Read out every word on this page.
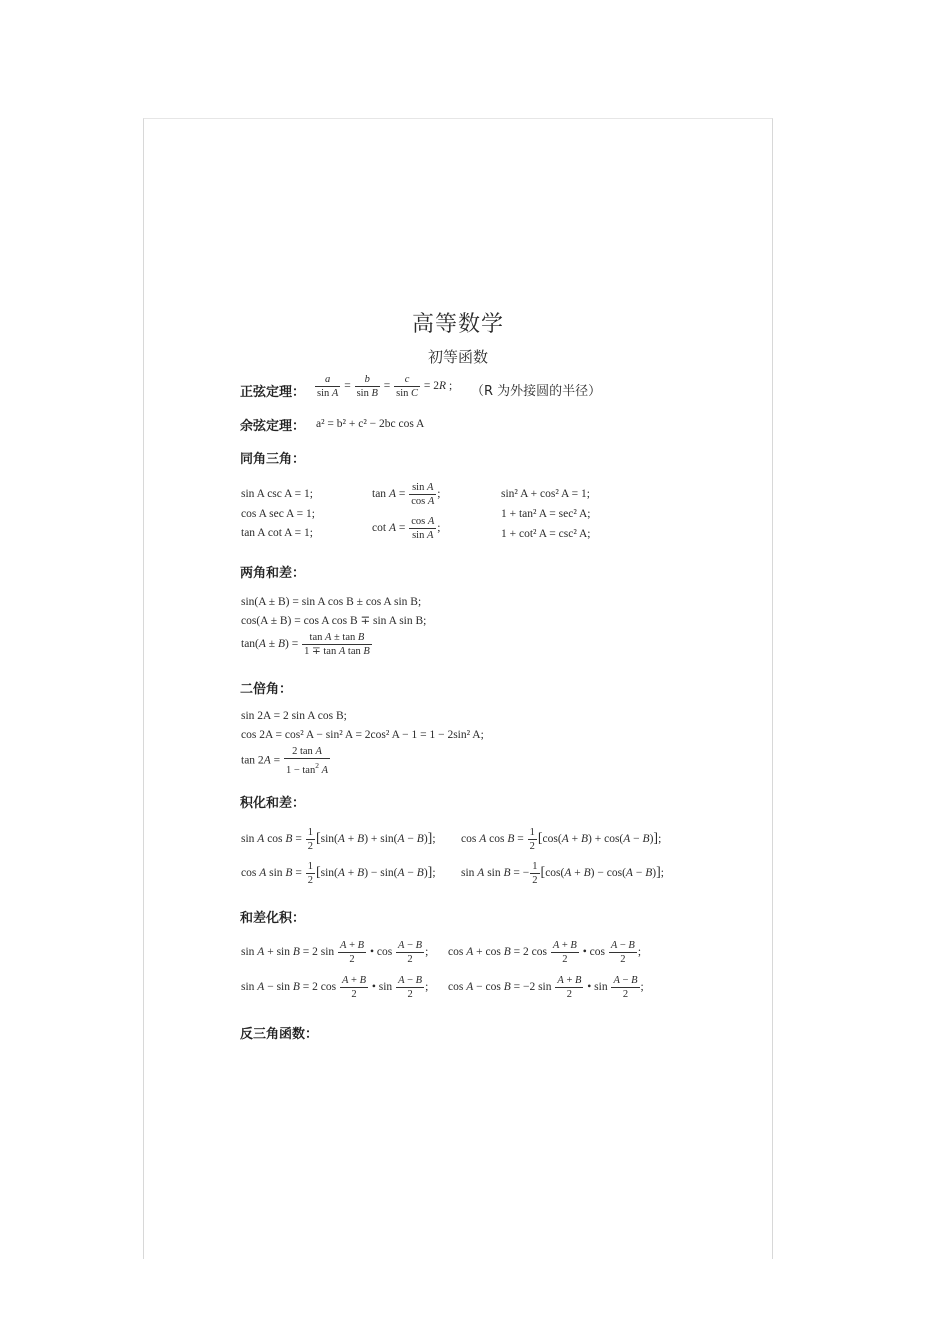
高等数学
初等函数
正弦定理： $\frac{a}{\text{sin A}} = \frac{b}{\text{sin B}} = \frac{c}{\text{sin C}} = 2R$ ; （R 为外接圆的半径）
余弦定理： a² = b² + c² − 2bc cos A
同角三角：
sin A csc A = 1;
cos A sec A = 1;
tan A cot A = 1;
$\tan A = \frac{\text{sin A}}{\text{cos A}}$ ;
$\cot A = \frac{\text{cos A}}{\text{sin A}}$ ;
sin² A + cos² A = 1;
1 + tan² A = sec² A;
1 + cot² A = csc² A;
两角和差：
sin(A ± B) = sin A cos B ± cos A sin B;
cos(A ± B) = cos A cos B ∓ sin A sin B;
$\tan(A \pm B) = \frac{\text{tan A ± tan B}}{\text{1 ∓ tan A tan B}}$
二倍角：
sin 2A = 2 sin A cos B;
cos 2A = cos² A − sin² A = 2cos² A − 1 = 1 − 2sin² A;
$\tan 2A = \frac{\text{2 tan A}}{1 - \tan^2 A}$
积化和差：
sin A $\cos B = \frac{1}{2} [\sin(A + B) + \sin(A - B)]$; cos A $\cos B = \frac{1}{2} [\cos(A + B) + \cos(A - B)]$;
cos A $\sin B = \frac{1}{2} [\sin(A + B) - \sin(A - B)]$; sin A sin B = − $\frac{1}{2} [\cos(A + B) - \cos(A - B)]$;
和差化积：
sin A + sin B = 2 $\sin \frac{A + B}{2}$ • $\cos \frac{A - B}{2}$ ; cos A + cos B = 2 $\cos \frac{A + B}{2}$ • $\cos \frac{A - B}{2}$ ;
sin A − sin B = 2 $\cos \frac{A + B}{2}$ • $\sin \frac{A - B}{2}$ ; cos A − cos B = −2 $\sin \frac{A + B}{2}$ • $\sin \frac{A - B}{2}$ ;
反三角函数：
